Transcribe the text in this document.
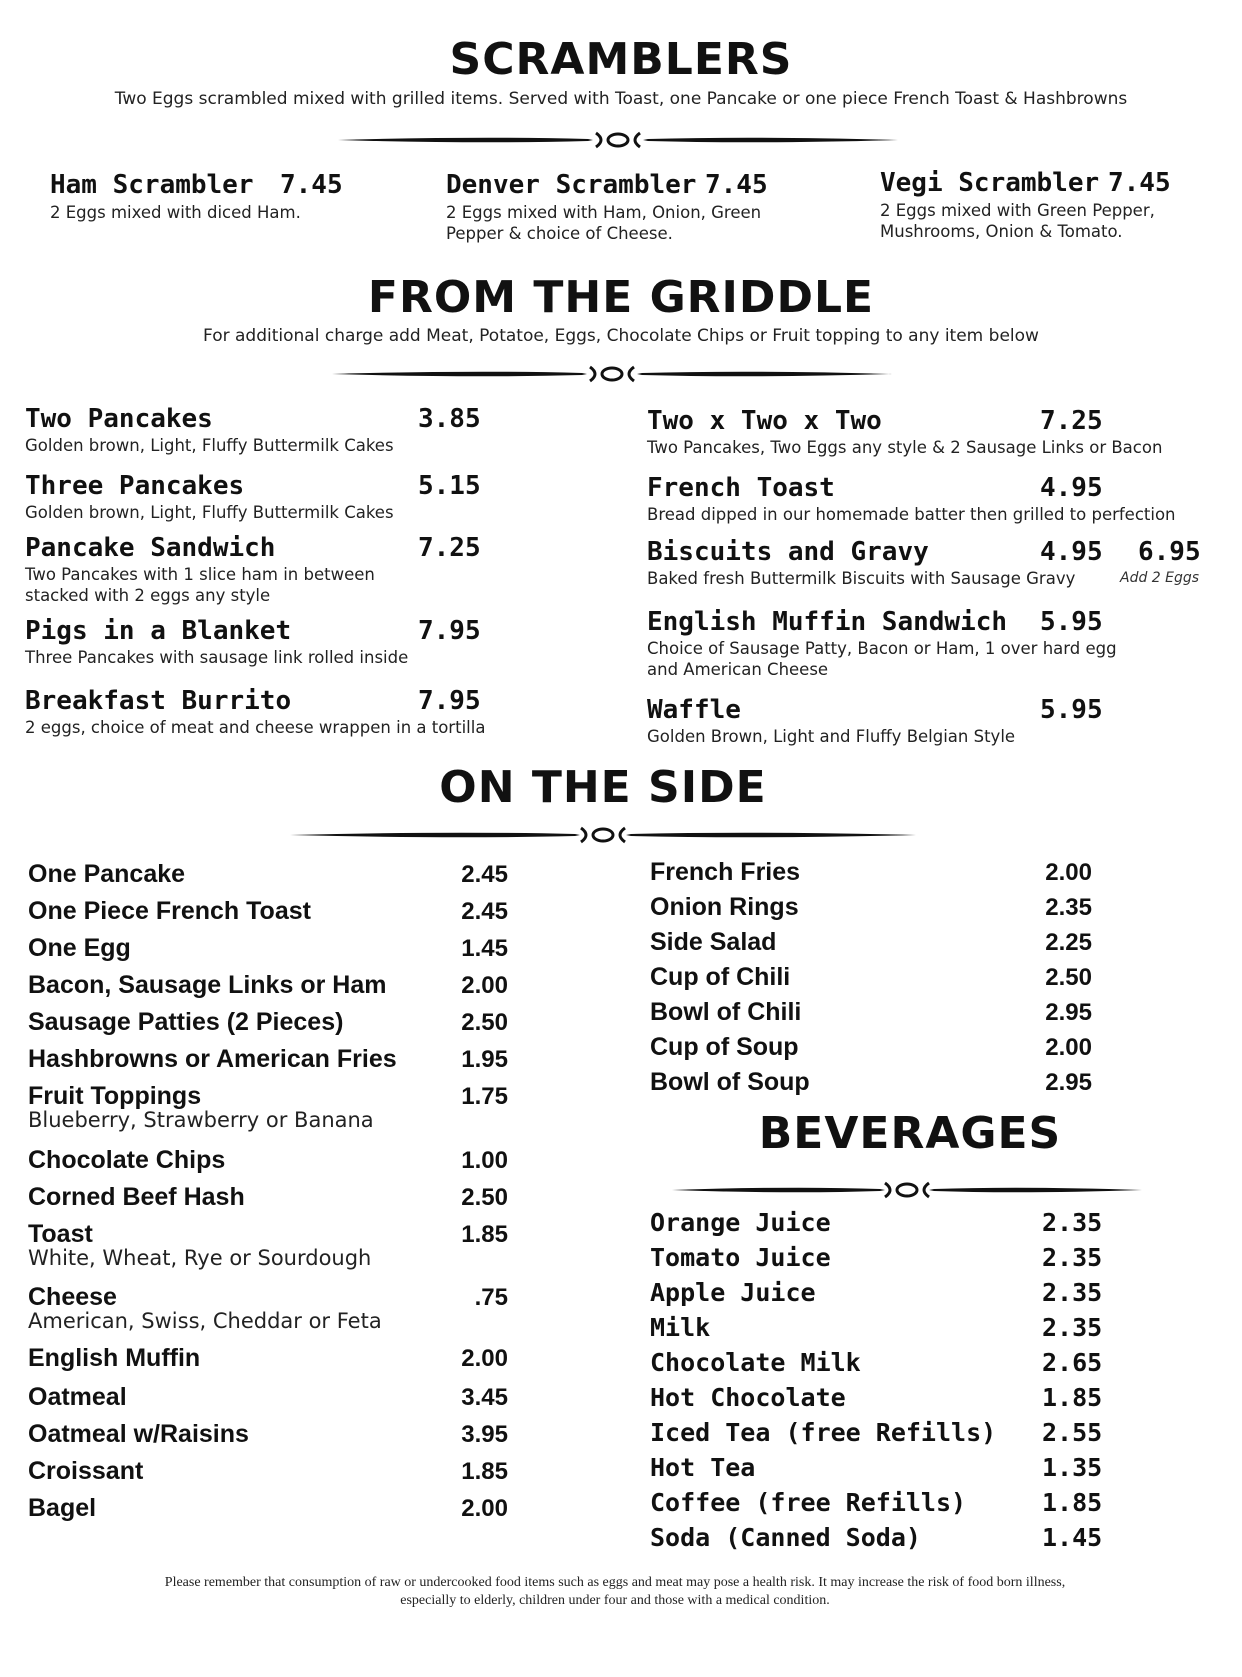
SCRAMBLERS
Two Eggs scrambled mixed with grilled items. Served with Toast, one Pancake or one piece French Toast & Hashbrowns
Ham Scrambler 7.45
2 Eggs mixed with diced Ham.
Denver Scrambler 7.45
2 Eggs mixed with Ham, Onion, Green Pepper & choice of Cheese.
Vegi Scrambler 7.45
2 Eggs mixed with Green Pepper, Mushrooms, Onion & Tomato.
FROM THE GRIDDLE
For additional charge add Meat, Potatoe, Eggs, Chocolate Chips or Fruit topping to any item below
Two Pancakes	3.85
Golden brown, Light, Fluffy Buttermilk Cakes
Three Pancakes	5.15
Golden brown, Light, Fluffy Buttermilk Cakes
Pancake Sandwich	7.25
Two Pancakes with 1 slice ham in between stacked with 2 eggs any style
Pigs in a Blanket	7.95
Three Pancakes with sausage link rolled inside
Breakfast Burrito	7.95
2 eggs, choice of meat and cheese wrappen in a tortilla
Two x Two x Two	7.25
Two Pancakes, Two Eggs any style & 2 Sausage Links or Bacon
French Toast	4.95
Bread dipped in our homemade batter then grilled to perfection
Biscuits and Gravy	4.95 6.95
Baked fresh Buttermilk Biscuits with Sausage Gravy	Add 2 Eggs
English Muffin Sandwich 5.95
Choice of Sausage Patty, Bacon or Ham, 1 over hard egg and American Cheese
Waffle	5.95
Golden Brown, Light and Fluffy Belgian Style
ON THE SIDE
One Pancake	2.45
One Piece French Toast	2.45
One Egg	1.45
Bacon, Sausage Links or Ham	2.00
Sausage Patties (2 Pieces)	2.50
Hashbrowns or American Fries	1.95
Fruit Toppings	1.75
Blueberry, Strawberry or Banana
Chocolate Chips	1.00
Corned Beef Hash	2.50
Toast	1.85
White, Wheat, Rye or Sourdough
Cheese	.75
American, Swiss, Cheddar or Feta
English Muffin	2.00
Oatmeal	3.45
Oatmeal w/Raisins	3.95
Croissant	1.85
Bagel	2.00
French Fries	2.00
Onion Rings	2.35
Side Salad	2.25
Cup of Chili	2.50
Bowl of Chili	2.95
Cup of Soup	2.00
Bowl of Soup	2.95
BEVERAGES
Orange Juice	2.35
Tomato Juice	2.35
Apple Juice	2.35
Milk	2.35
Chocolate Milk	2.65
Hot Chocolate	1.85
Iced Tea (free Refills) 2.55
Hot Tea	1.35
Coffee (free Refills)	1.85
Soda (Canned Soda)	1.45
Please remember that consumption of raw or undercooked food items such as eggs and meat may pose a health risk. It may increase the risk of food born illness,
especially to elderly, children under four and those with a medical condition.
